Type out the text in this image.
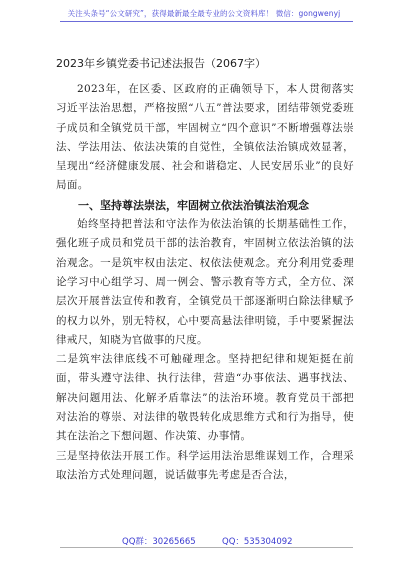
关注头条号“公文研究”，获得最新最全最专业的公文资料库！ 微信：gongwenyj
2023年乡镇党委书记述法报告（2067字）

2023年，在区委、区政府的正确领导下，本人贯彻落实习近平法治思想，严格按照“八五”普法要求，团结带领党委班子成员和全镇党员干部，牢固树立“四个意识”不断增强尊法崇法、学法用法、依法决策的自觉性，全镇依法治镇成效显著，呈现出“经济健康发展、社会和谐稳定、人民安居乐业”的良好局面。

一、坚持尊法崇法，牢固树立依法治镇法治观念

始终坚持把普法和守法作为依法治镇的长期基础性工作，强化班子成员和党员干部的法治教育，牢固树立依法治镇的法治观念。一是筑牢权由法定、权依法使观念。充分利用党委理论学习中心组学习、周一例会、警示教育等方式，全方位、深层次开展普法宣传和教育，全镇党员干部逐渐明白除法律赋予的权力以外，别无特权，心中要高悬法律明镜，手中要紧握法律戒尺，知晓为官做事的尺度。

二是筑牢法律底线不可触碰理念。坚持把纪律和规矩挺在前面，带头遵守法律、执行法律，营造“办事依法、遇事找法、解决问题用法、化解矛盾靠法”的法治环境。教育党员干部把对法治的尊崇、对法律的敬畏转化成思维方式和行为指导，使其在法治之下想问题、作决策、办事情。

三是坚持依法开展工作。科学运用法治思维谋划工作，合理采取法治方式处理问题，说话做事先考虑是否合法，

QQ群：30265665	QQ：535304092
